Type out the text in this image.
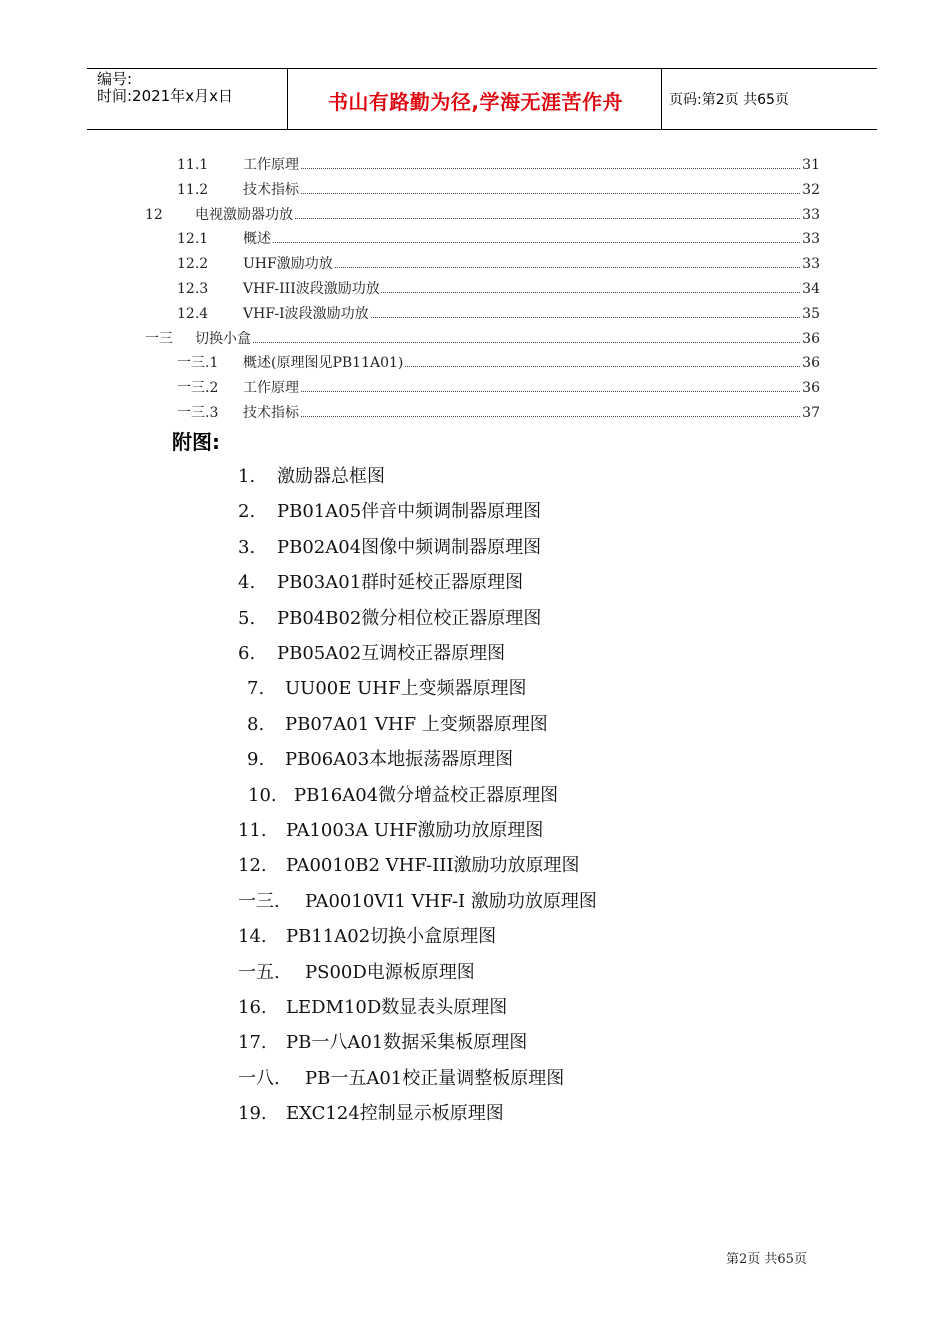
编号:
时间:2021年x月x日	书山有路勤为径,学海无涯苦作舟	页码:第2页 共65页
11.1 工作原理	31
11.2 技术指标	32
12 电视激励器功放	33
12.1 概述	33
12.2 UHF激励功放	33
12.3 VHF-III波段激励功放	34
12.4 VHF-I波段激励功放	35
一三 切换小盒	36
一三.1 概述(原理图见PB11A01)	36
一三.2 工作原理	36
一三.3 技术指标	37
附图:
1. 激励器总框图
2. PB01A05伴音中频调制器原理图
3. PB02A04图像中频调制器原理图
4. PB03A01群时延校正器原理图
5. PB04B02微分相位校正器原理图
6. PB05A02互调校正器原理图
7. UU00E UHF上变频器原理图
8. PB07A01 VHF 上变频器原理图
9. PB06A03本地振荡器原理图
10. PB16A04微分增益校正器原理图
11. PA1003A UHF激励功放原理图
12. PA0010B2 VHF-III激励功放原理图
一三. PA0010VI1 VHF-I 激励功放原理图
14. PB11A02切换小盒原理图
一五. PS00D电源板原理图
16. LEDM10D数显表头原理图
17. PB一八A01数据采集板原理图
一八. PB一五A01校正量调整板原理图
19. EXC124控制显示板原理图
第2页 共65页
